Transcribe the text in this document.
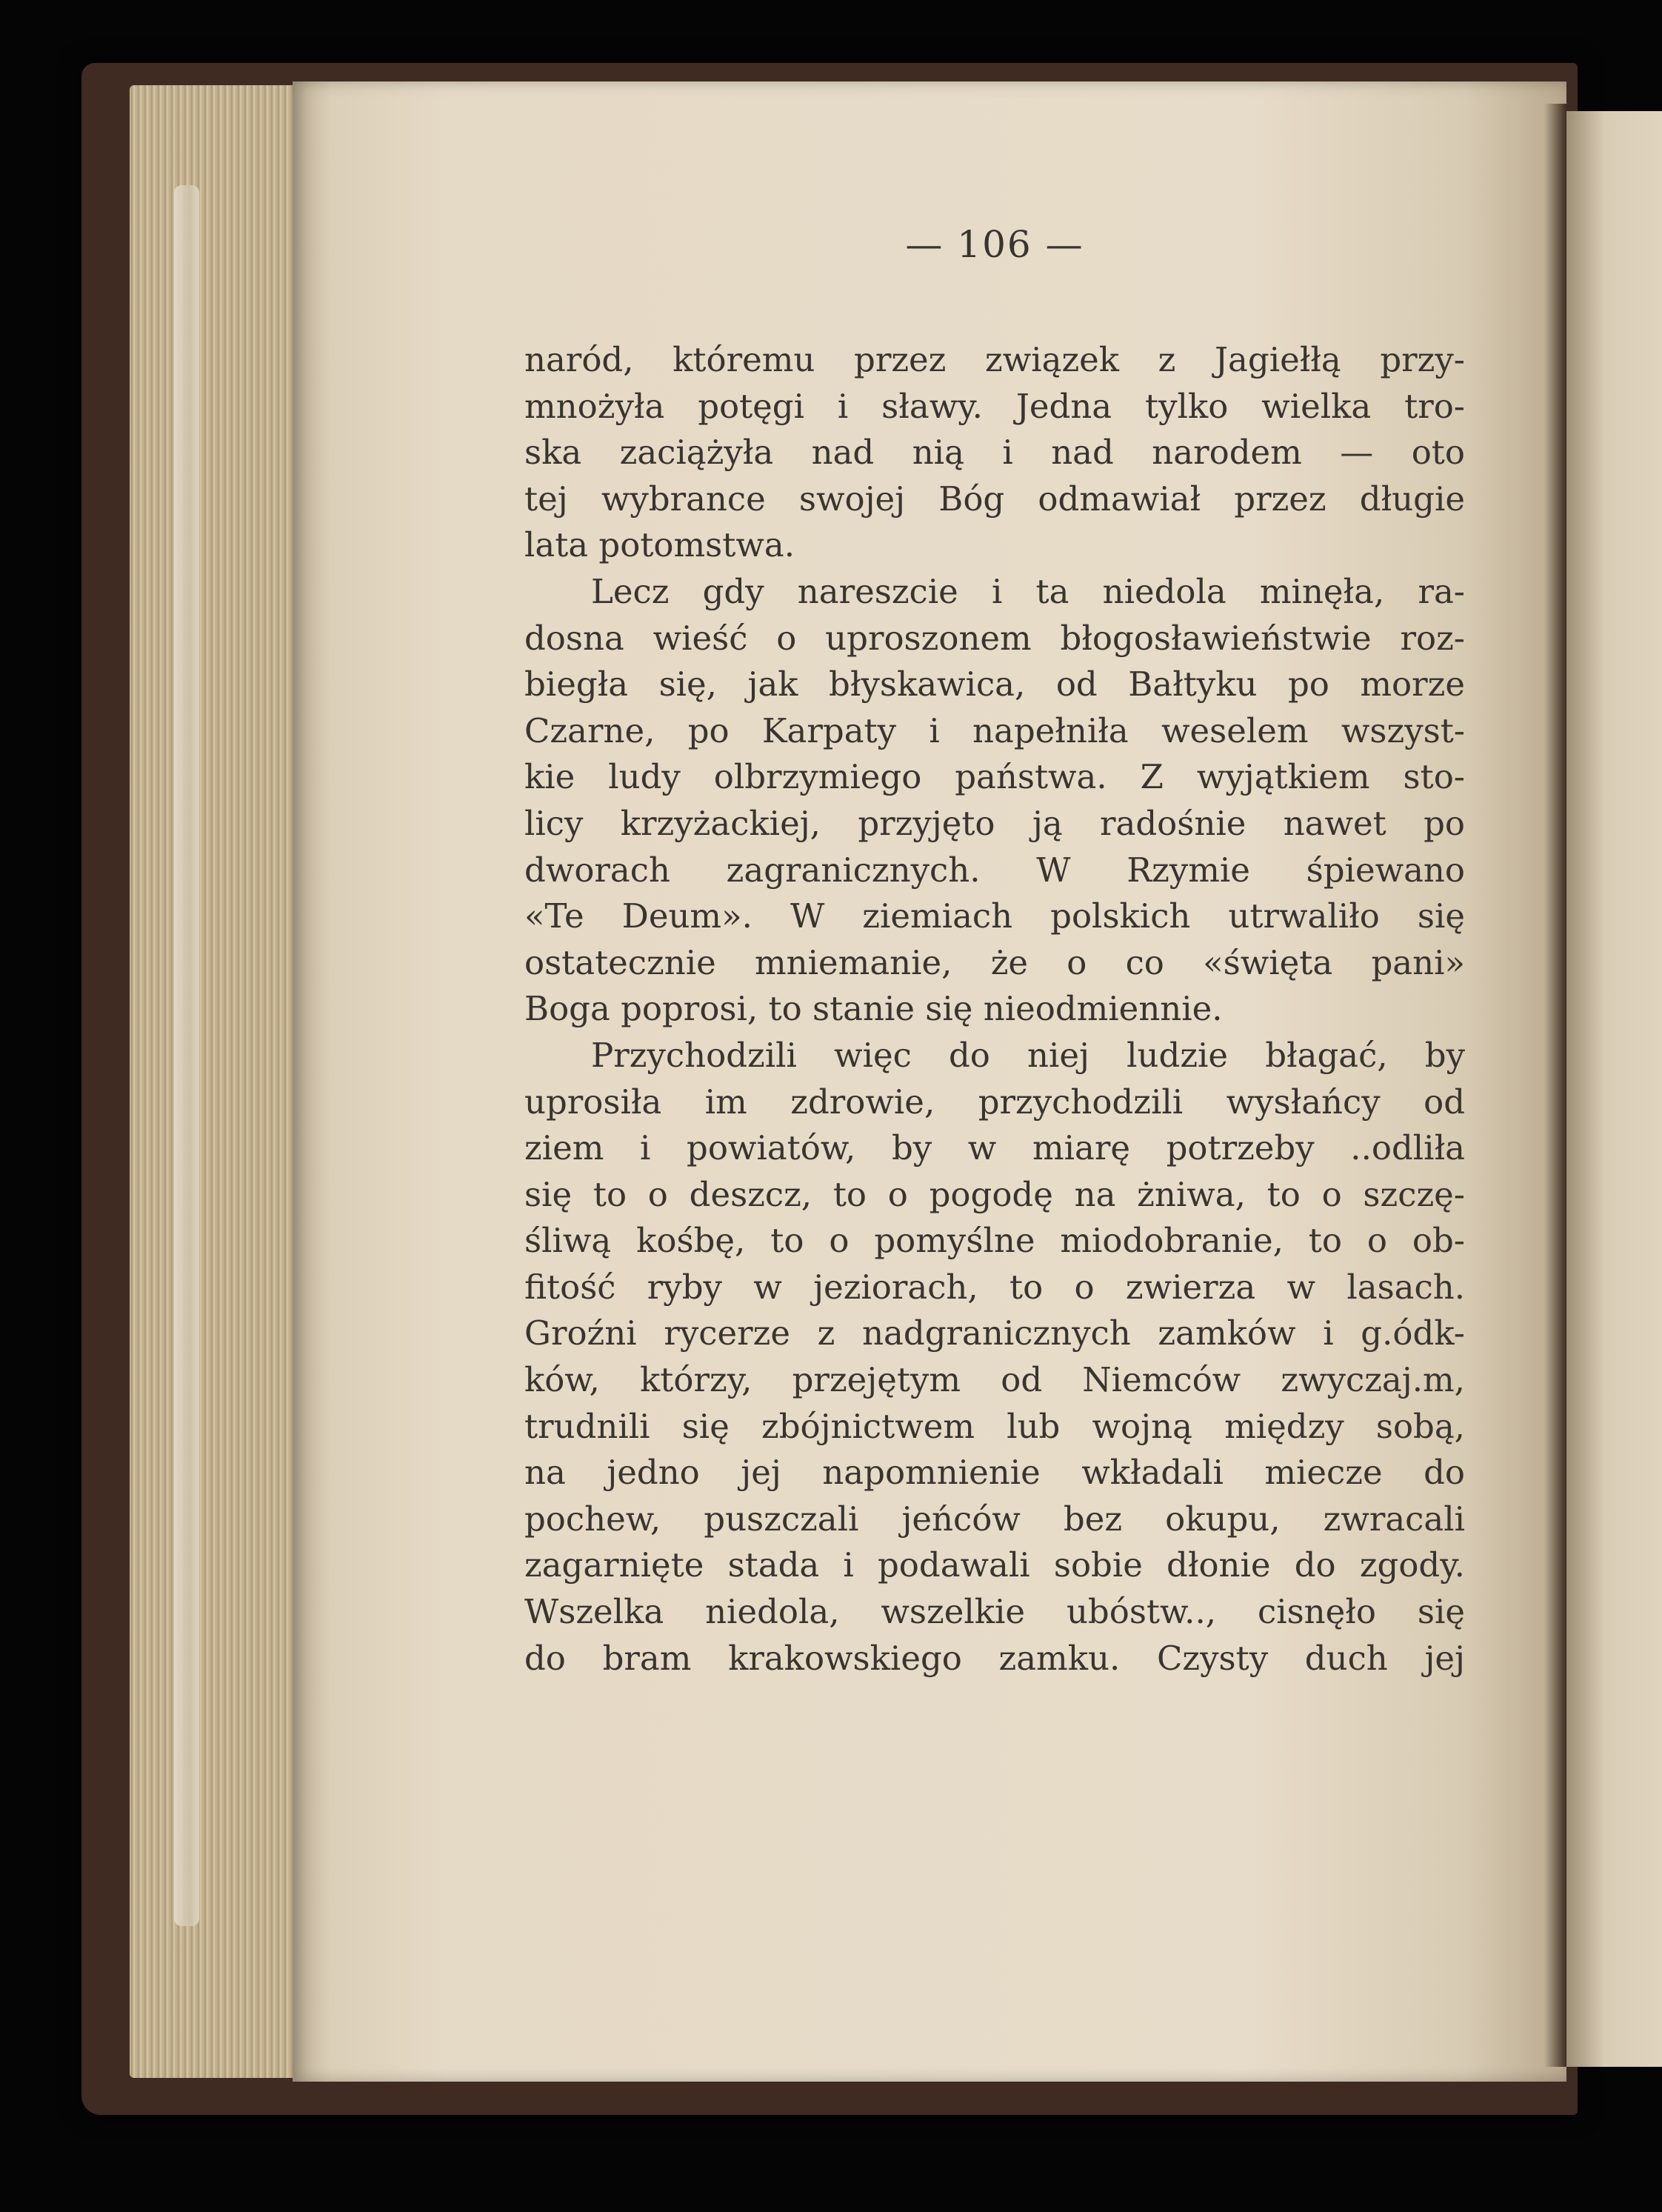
— 106 —
naród, któremu przez związek z Jagiełłą przy-
mnożyła potęgi i sławy. Jedna tylko wielka tro-
ska zaciążyła nad nią i nad narodem — oto
tej wybrance swojej Bóg odmawiał przez długie
lata potomstwa.
Lecz gdy nareszcie i ta niedola minęła, ra-
dosna wieść o uproszonem błogosławieństwie roz-
biegła się, jak błyskawica, od Bałtyku po morze
Czarne, po Karpaty i napełniła weselem wszyst-
kie ludy olbrzymiego państwa. Z wyjątkiem sto-
licy krzyżackiej, przyjęto ją radośnie nawet po
dworach zagranicznych. W Rzymie śpiewano
«Te Deum». W ziemiach polskich utrwaliło się
ostatecznie mniemanie, że o co «święta pani»
Boga poprosi, to stanie się nieodmiennie.
Przychodzili więc do niej ludzie błagać, by
uprosiła im zdrowie, przychodzili wysłańcy od
ziem i powiatów, by w miarę potrzeby ..odliła
się to o deszcz, to o pogodę na żniwa, to o szczę-
śliwą kośbę, to o pomyślne miodobranie, to o ob-
fitość ryby w jeziorach, to o zwierza w lasach.
Groźni rycerze z nadgranicznych zamków i g.ódk-
ków, którzy, przejętym od Niemców zwyczaj.m,
trudnili się zbójnictwem lub wojną między sobą,
na jedno jej napomnienie wkładali miecze do
pochew, puszczali jeńców bez okupu, zwracali
zagarnięte stada i podawali sobie dłonie do zgody.
Wszelka niedola, wszelkie ubóstw.., cisnęło się
do bram krakowskiego zamku. Czysty duch jej
